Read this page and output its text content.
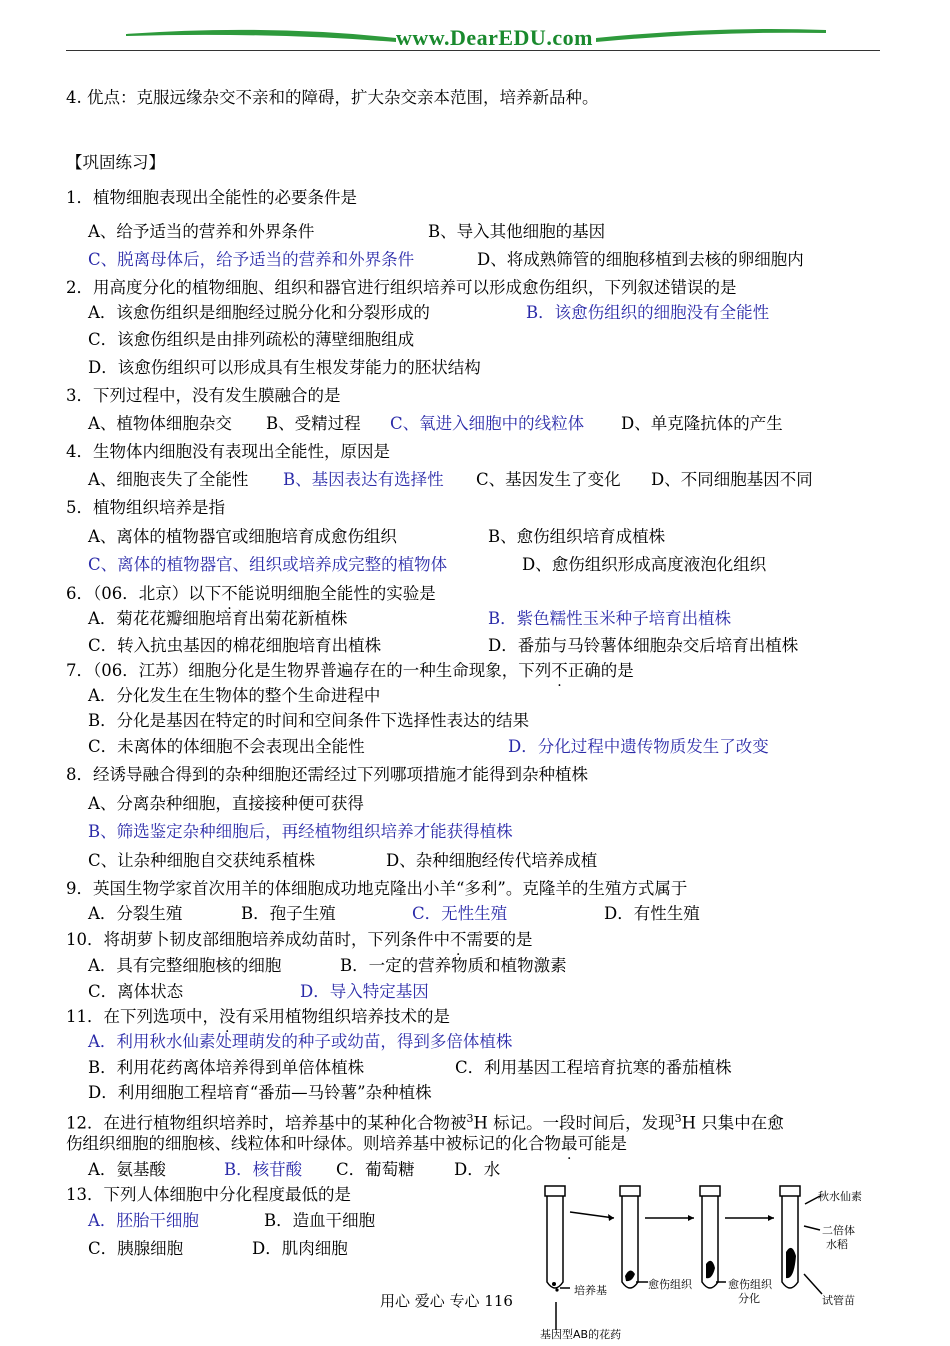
www.DearEDU.com
4. 优点：克服远缘杂交不亲和的障碍，扩大杂交亲本范围，培养新品种。
【巩固练习】
1．植物细胞表现出全能性的必要条件是
A、给予适当的营养和外界条件	B、导入其他细胞的基因
C、脱离母体后，给予适当的营养和外界条件	D、将成熟筛管的细胞移植到去核的卵细胞内
2．用高度分化的植物细胞、组织和器官进行组织培养可以形成愈伤组织，下列叙述错误的是
A．该愈伤组织是细胞经过脱分化和分裂形成的	B．该愈伤组织的细胞没有全能性
C．该愈伤组织是由排列疏松的薄壁细胞组成
D．该愈伤组织可以形成具有生根发芽能力的胚状结构
3．下列过程中，没有发生膜融合的是
A、植物体细胞杂交 B、受精过程 C、氧进入细胞中的线粒体 D、单克隆抗体的产生
4．生物体内细胞没有表现出全能性，原因是
A、细胞丧失了全能性 B、基因表达有选择性 C、基因发生了变化 D、不同细胞基因不同
5．植物组织培养是指
A、离体的植物器官或细胞培育成愈伤组织	B、愈伤组织培育成植株
C、离体的植物器官、组织或培养成完整的植物体	D、愈伤组织形成高度液泡化组织
6．（06．北京）以下不能说明细胞全能性的实验是
A．菊花花瓣细胞培育出菊花新植株	B．紫色糯性玉米种子培育出植株
C．转入抗虫基因的棉花细胞培育出植株	D．番茄与马铃薯体细胞杂交后培育出植株
7．（06．江苏）细胞分化是生物界普遍存在的一种生命现象，下列不正确的是
A．分化发生在生物体的整个生命进程中
B．分化是基因在特定的时间和空间条件下选择性表达的结果
C．未离体的体细胞不会表现出全能性	D．分化过程中遗传物质发生了改变
8．经诱导融合得到的杂种细胞还需经过下列哪项措施才能得到杂种植株
A、分离杂种细胞，直接接种便可获得
B、筛选鉴定杂种细胞后，再经植物组织培养才能获得植株
C、让杂种细胞自交获纯系植株	D、杂种细胞经传代培养成植
9．英国生物学家首次用羊的体细胞成功地克隆出小羊“多利”。克隆羊的生殖方式属于
A．分裂生殖	B．孢子生殖	C．无性生殖	D．有性生殖
10．将胡萝卜韧皮部细胞培养成幼苗时，下列条件中不需要的是
A．具有完整细胞核的细胞	B．一定的营养物质和植物激素
C．离体状态	D．导入特定基因
11．在下列选项中，没有采用植物组织培养技术的是
A．利用秋水仙素处理萌发的种子或幼苗，得到多倍体植株
B．利用花药离体培养得到单倍体植株	C．利用基因工程培育抗寒的番茄植株
D．利用细胞工程培育“番茄—马铃薯”杂种植株
12．在进行植物组织培养时，培养基中的某种化合物被$^3$H 标记。一段时间后，发现$^3$H 只集中在愈
伤组织细胞的细胞核、线粒体和叶绿体。则培养基中被标记的化合物最可能是
A．氨基酸	B．核苷酸 C．葡萄糖 D．水
13．下列人体细胞中分化程度最低的是
A．胚胎干细胞	B．造血干细胞
C．胰腺细胞	D．肌肉细胞
培养基	愈伤组织	愈伤组织
分化
秋水仙素
二倍体
水稻
试管苗
基因型AB的花药
用心 爱心 专心 116
